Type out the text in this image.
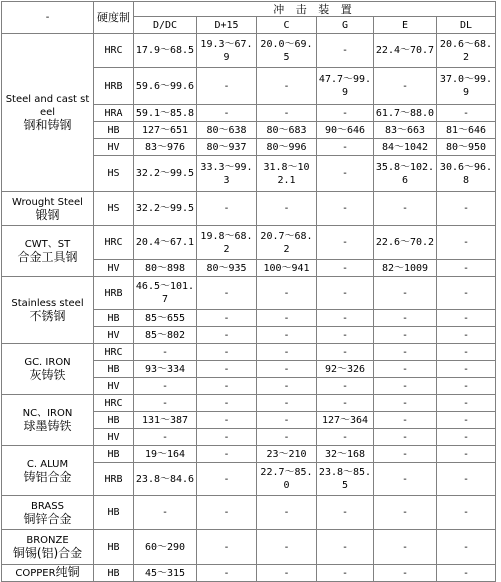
-	硬度制	冲 击 装 置					
		D/DC	D+15	C	G	E	DL

Steel and cast steel
钢和铸钢	HRC	17.9～68.5	19.3～67.9	20.0～69.5	-	22.4～70.7	20.6～68.2
	HRB	59.6～99.6	-	-	47.7～99.9	-	37.0～99.9
	HRA	59.1～85.8	-	-	-	61.7～88.0	-
	HB	127～651	80～638	80～683	90～646	83～663	81～646
	HV	83～976	80～937	80～996	-	84～1042	80～950
	HS	32.2～99.5	33.3～99.3	31.8～102.1	-	35.8～102.6	30.6～96.8

Wrought Steel
锻钢	HS	32.2～99.5	-	-	-	-	-

CWT、ST
合金工具钢	HRC	20.4～67.1	19.8～68.2	20.7～68.2	-	22.6～70.2	-
	HV	80～898	80～935	100～941	-	82～1009	-

Stainless steel
不锈钢	HRB	46.5～101.7	-	-	-	-	-
	HB	85～655	-	-	-	-	-
	HV	85～802	-	-	-	-	-

GC. IRON
灰铸铁	HRC	-	-	-	-	-	-
	HB	93～334	-	-	92～326	-	-
	HV	-	-	-	-	-	-

NC、IRON
球墨铸铁	HRC	-	-	-	-	-	-
	HB	131～387	-	-	127～364	-	-
	HV	-	-	-	-	-	-

C. ALUM
铸铝合金	HB	19～164	-	23～210	32～168	-	-
	HRB	23.8～84.6	-	22.7～85.0	23.8～85.5	-	-

BRASS
铜锌合金	HB	-	-	-	-	-	-

BRONZE
铜锡(铝)合金	HB	60～290	-	-	-	-	-
COPPER纯铜	HB	45～315	-	-	-	-	-
